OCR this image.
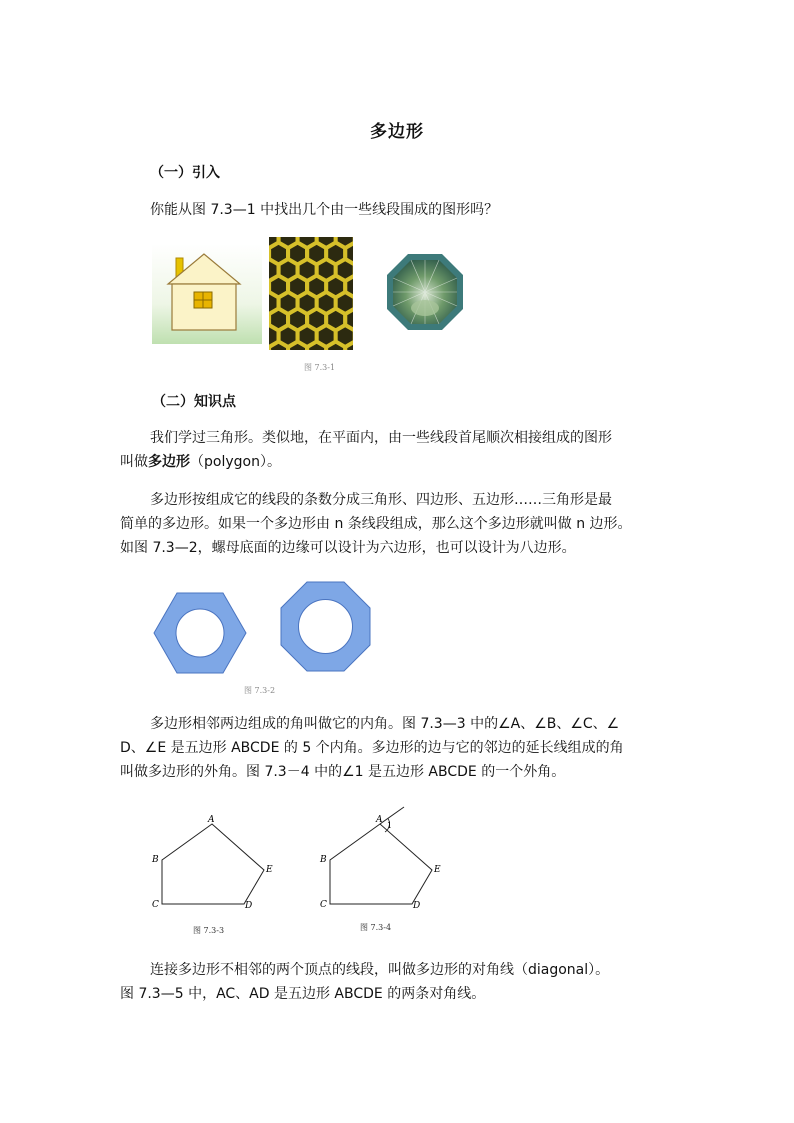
多边形
（一）引入
你能从图 7.3—1 中找出几个由一些线段围成的图形吗？
图 7.3-1
（二）知识点
我们学过三角形。类似地，在平面内，由一些线段首尾顺次相接组成的图形
叫做多边形（polygon）。
多边形按组成它的线段的条数分成三角形、四边形、五边形……三角形是最
简单的多边形。如果一个多边形由 n 条线段组成，那么这个多边形就叫做 n 边形。
如图 7.3—2，螺母底面的边缘可以设计为六边形，也可以设计为八边形。
图 7.3-2
多边形相邻两边组成的角叫做它的内角。图 7.3—3 中的∠A、∠B、∠C、∠
D、∠E 是五边形 ABCDE 的 5 个内角。多边形的边与它的邻边的延长线组成的角
叫做多边形的外角。图 7.3－4 中的∠1 是五边形 ABCDE 的一个外角。
A
B
C	D
E
图 7.3-3
A
1
B
C	D
E
图 7.3-4
连接多边形不相邻的两个顶点的线段，叫做多边形的对角线（diagonal）。
图 7.3—5 中，AC、AD 是五边形 ABCDE 的两条对角线。
